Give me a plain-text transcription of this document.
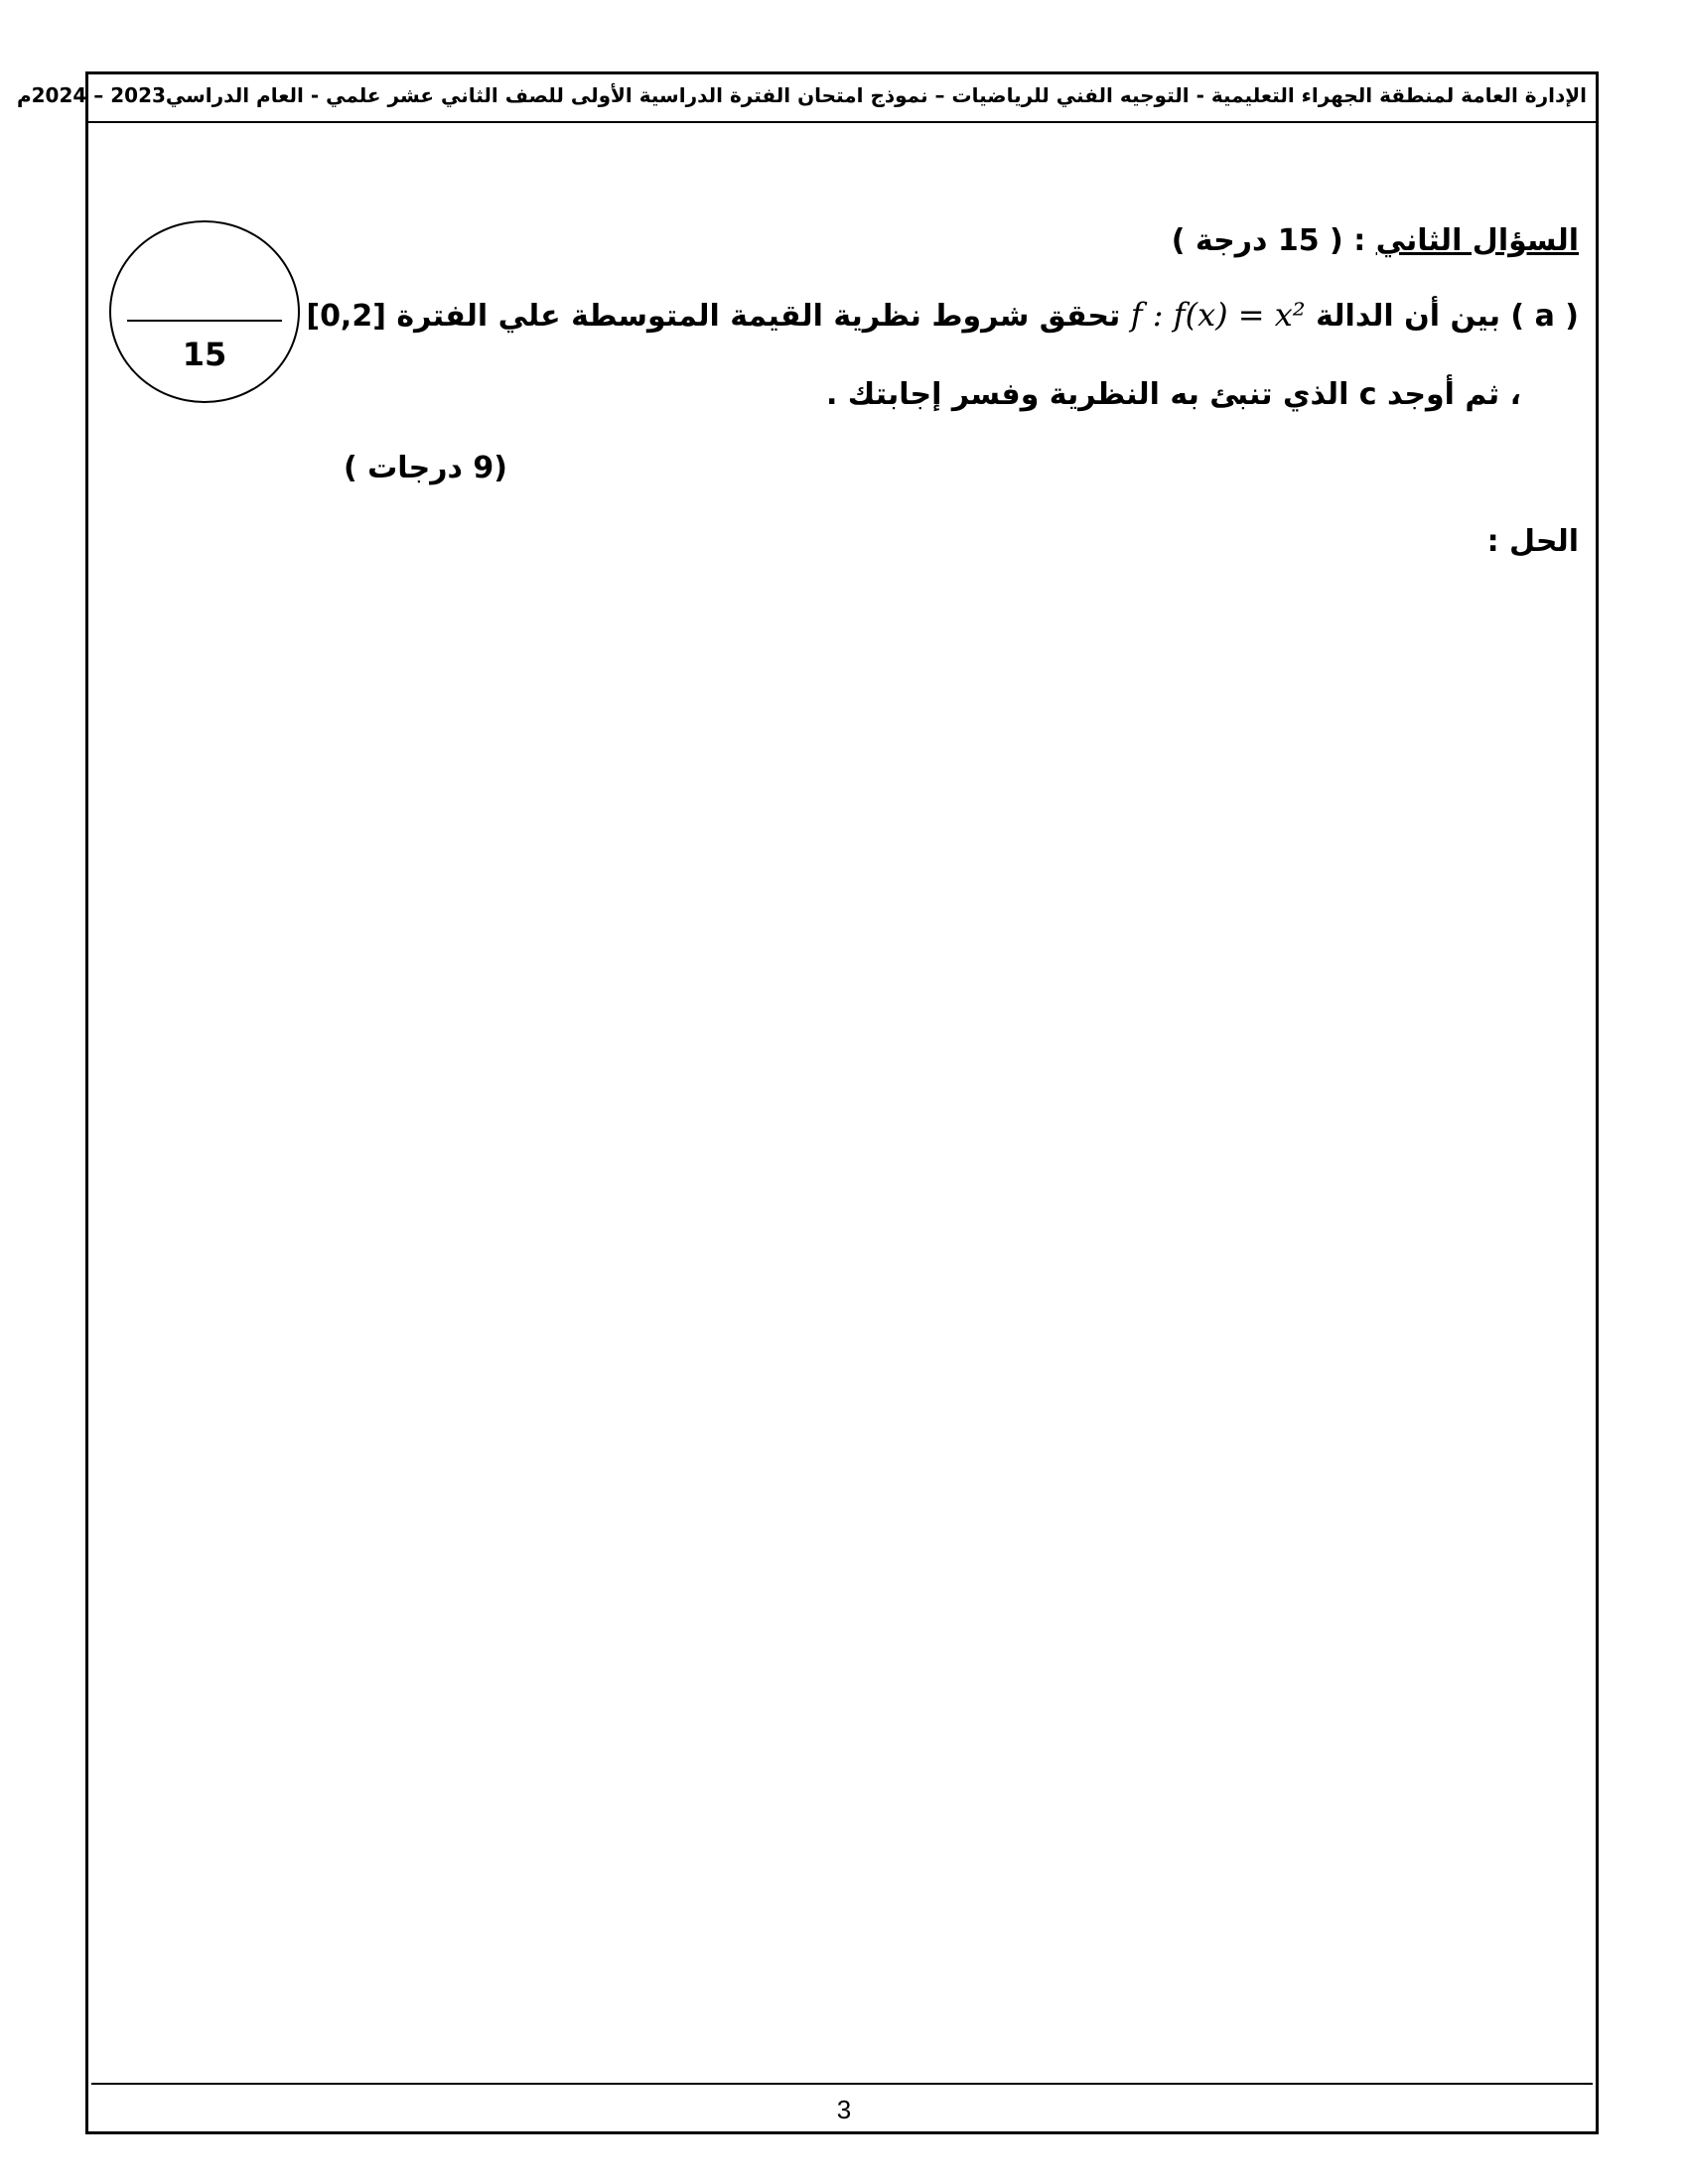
الإدارة العامة لمنطقة الجهراء التعليمية - التوجيه الفني للرياضيات – نموذج امتحان الفترة الدراسية الأولى للصف الثاني عشر علمي - العام الدراسي2023 – 2024م
15
السؤال الثاني : ( 15 درجة )
( a ) بين أن الدالة f : f(x) = x² تحقق شروط نظرية القيمة المتوسطة علي الفترة [0,2]
، ثم أوجد c الذي تنبئ به النظرية وفسر إجابتك .
(9 درجات )
الحل :
3
